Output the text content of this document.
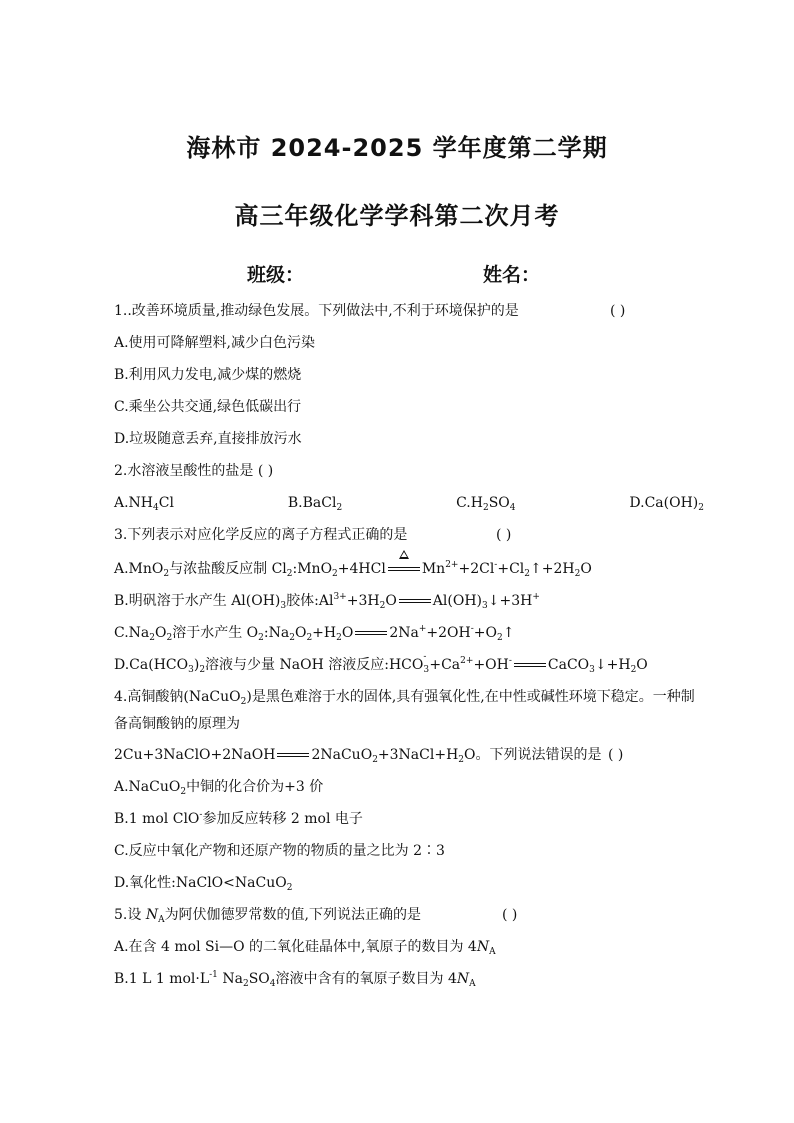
海林市 2024-2025 学年度第二学期
高三年级化学学科第二次月考
班级：	姓名：
1..改善环境质量,推动绿色发展。下列做法中,不利于环境保护的是	( )
A.使用可降解塑料,减少白色污染
B.利用风力发电,减少煤的燃烧
C.乘坐公共交通,绿色低碳出行
D.垃圾随意丢弃,直接排放污水
2.水溶液呈酸性的盐是 ( )
$A.NH_4Cl$	B.BaCl$_2$	$C.H_2SO_4$	$D.Ca(OH)_2$
3.下列表示对应化学反应的离子方程式正确的是	( )
A.MnO$_2$与浓盐酸反应制 $Cl_2:MnO_2+4HCl$	$Mn^{2+}+2Cl^-+Cl_2↑+2H_2O$
B.明矾溶于水产生 $Al(OH)_3$胶体$:Al^{3+}+3H_2O$	$Al(OH)_3↓+3H^+$
$C.Na_2O_2$溶于水产生 $O_2:Na_2O_2+H_2O$	$2Na^++2OH^-+O_2↑$
$D.Ca(HCO_3)_2$溶液与少量 NaOH 溶液反应:HCO -
$3 +Ca^{2+}+OH^-$	$CaCO_3↓+H_2O$
4.高铜酸钠(NaCuO$_2$)是黑色难溶于水的固体,具有强氧化性,在中性或碱性环境下稳定。一种制备高铜酸钠的原理为
2Cu+3NaClO+2NaOH	$2NaCuO_2+3NaCl+H_2O$。下列说法错误的是 ( )
A.NaCuO$_2$中铜的化合价为+3 价
B.1 mol ClO-参加反应转移 2 mol 电子
C.反应中氧化产物和还原产物的物质的量之比为 2∶3
D.氧化性:NaClO<NaCuO$_2$
5.设 $N_A$为阿伏伽德罗常数的值,下列说法正确的是	( )
A.在含 4 mol Si—O 的二氧化硅晶体中,氧原子的数目为 $4N_A$
B.1 L 1 $mol\cdot L^{-1}$ $Na_2SO_4$溶液中含有的氧原子数目为 $4N_A$
